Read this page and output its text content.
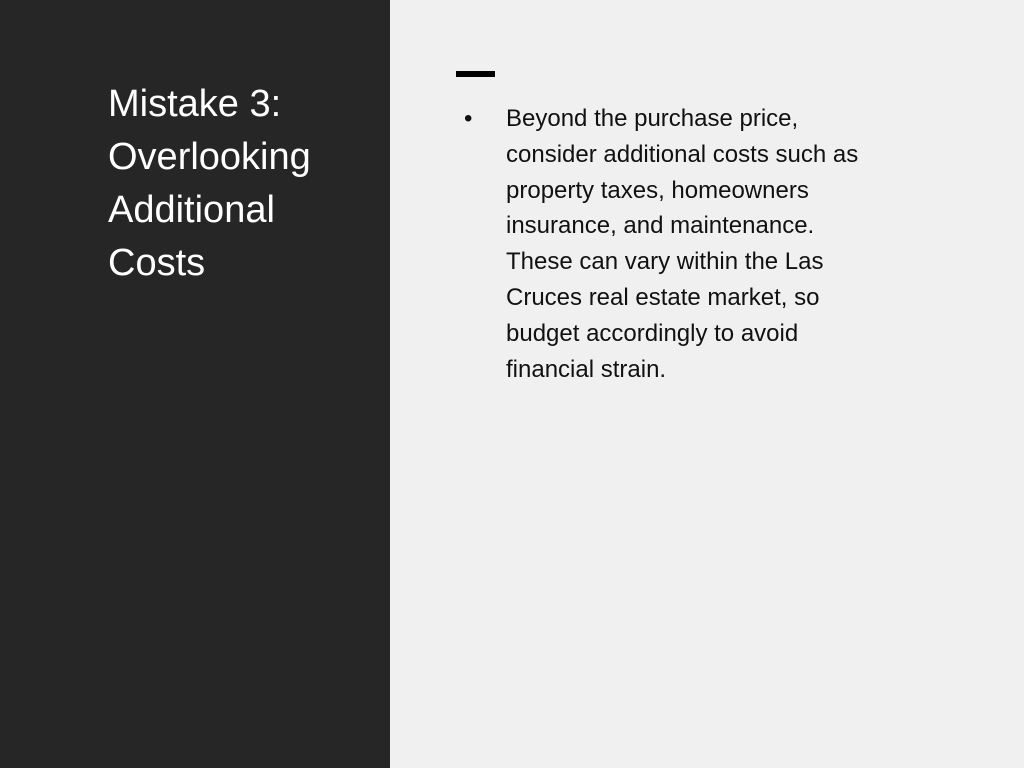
Mistake 3: Overlooking Additional Costs
• Beyond the purchase price, consider additional costs such as property taxes, homeowners insurance, and maintenance. These can vary within the Las Cruces real estate market, so budget accordingly to avoid financial strain.
